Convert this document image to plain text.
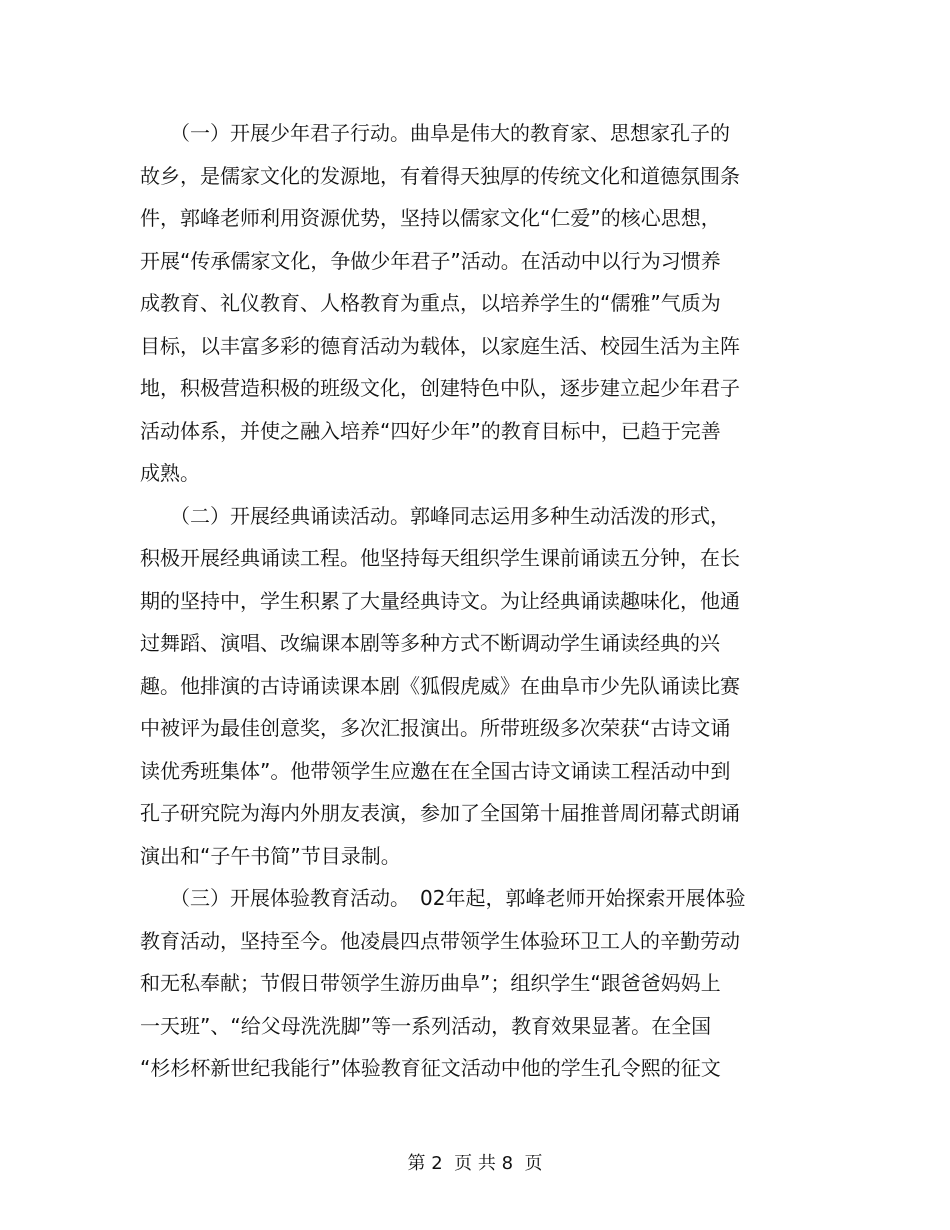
　　（一）开展少年君子行动。曲阜是伟大的教育家、思想家孔子的
故乡，是儒家文化的发源地，有着得天独厚的传统文化和道德氛围条
件，郭峰老师利用资源优势，坚持以儒家文化“仁爱”的核心思想，
开展“传承儒家文化，争做少年君子”活动。在活动中以行为习惯养
成教育、礼仪教育、人格教育为重点，以培养学生的“儒雅”气质为
目标，以丰富多彩的德育活动为载体，以家庭生活、校园生活为主阵
地，积极营造积极的班级文化，创建特色中队，逐步建立起少年君子
活动体系，并使之融入培养“四好少年”的教育目标中，已趋于完善
成熟。
　　（二）开展经典诵读活动。郭峰同志运用多种生动活泼的形式，
积极开展经典诵读工程。他坚持每天组织学生课前诵读五分钟，在长
期的坚持中，学生积累了大量经典诗文。为让经典诵读趣味化，他通
过舞蹈、演唱、改编课本剧等多种方式不断调动学生诵读经典的兴
趣。他排演的古诗诵读课本剧《狐假虎威》在曲阜市少先队诵读比赛
中被评为最佳创意奖，多次汇报演出。所带班级多次荣获“古诗文诵
读优秀班集体”。他带领学生应邀在在全国古诗文诵读工程活动中到
孔子研究院为海内外朋友表演，参加了全国第十届推普周闭幕式朗诵
演出和“子午书简”节目录制。
　　（三）开展体验教育活动。　02年起，郭峰老师开始探索开展体验
教育活动，坚持至今。他凌晨四点带领学生体验环卫工人的辛勤劳动
和无私奉献；节假日带领学生游历曲阜”；组织学生“跟爸爸妈妈上
一天班”、“给父母洗洗脚”等一系列活动，教育效果显著。在全国
“杉杉杯新世纪我能行”体验教育征文活动中他的学生孔令熙的征文
第 2  页 共 8  页
